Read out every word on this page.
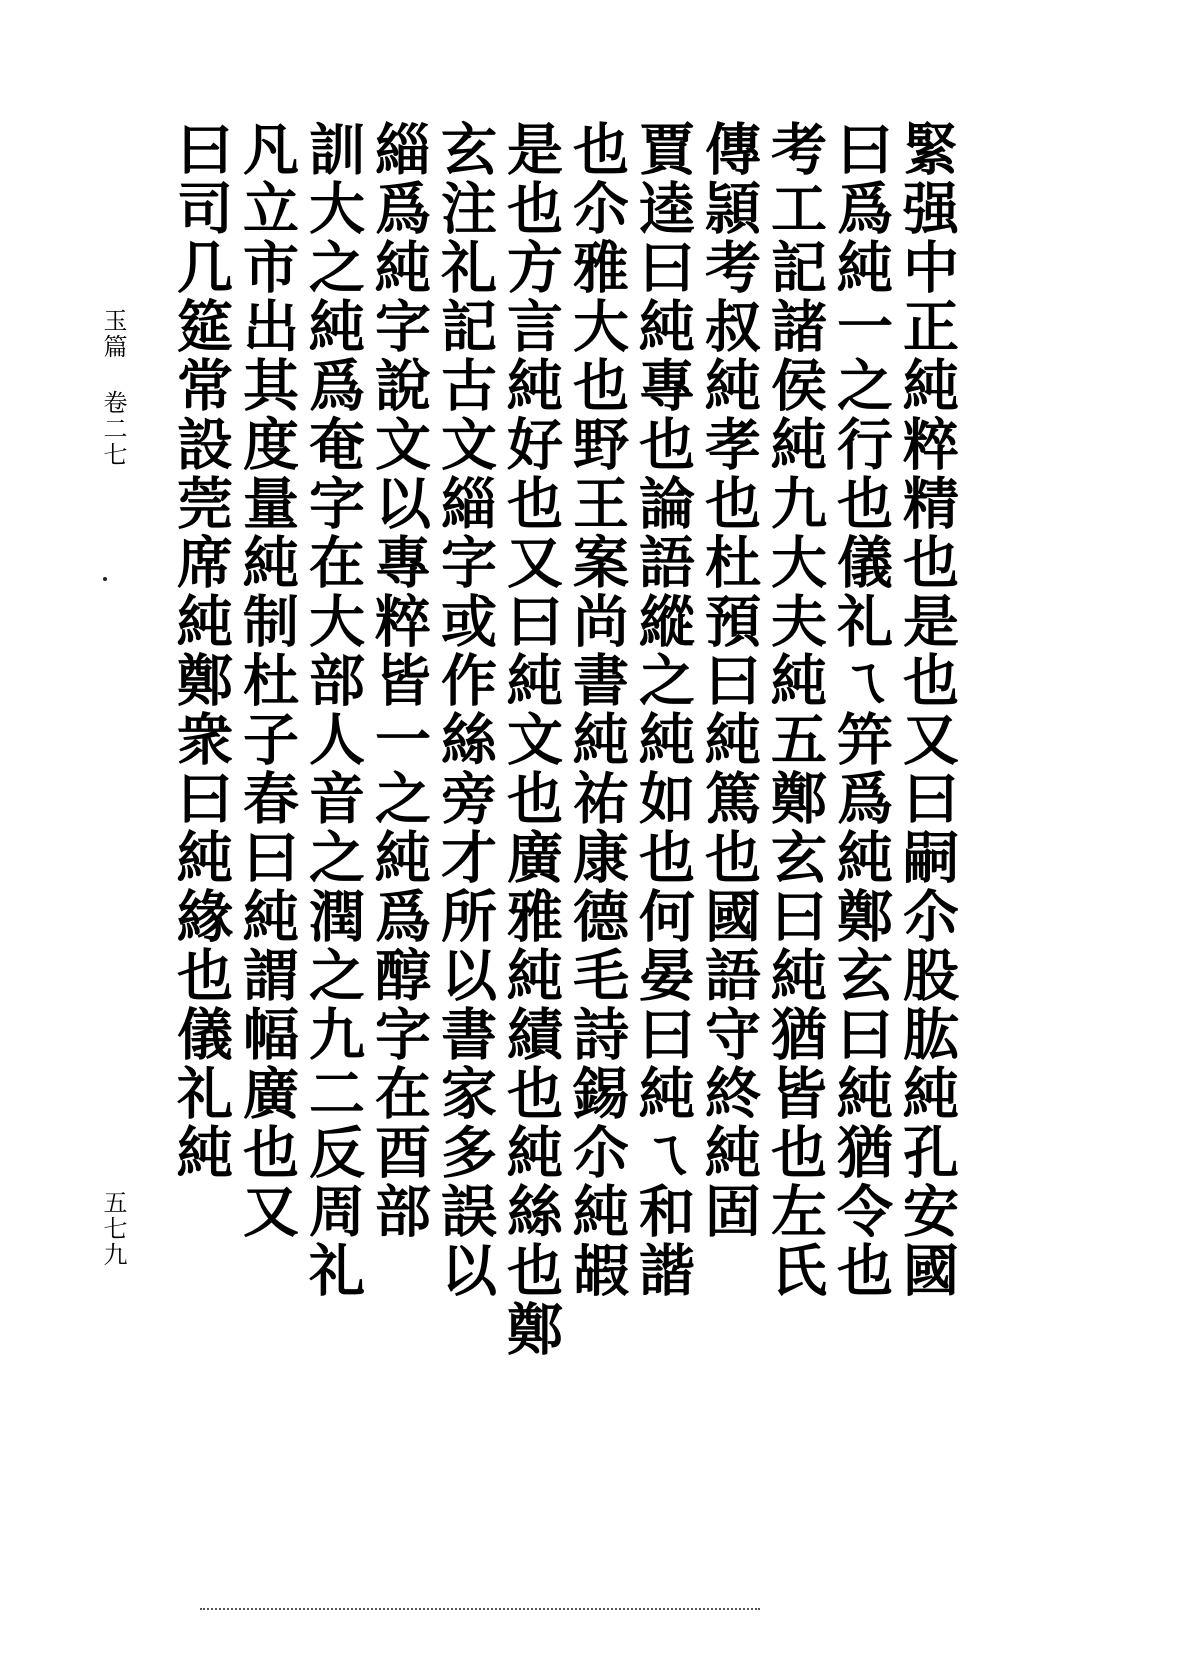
緊强中正純粹精也是也又曰嗣尒股肱純孔安國
曰爲純一之行也儀礼ㄟ笄爲純鄭玄曰純猶令也
考工記諸侯純九大夫純五鄭玄曰純猶皆也左氏
傳頴考叔純孝也杜預曰純篤也國語守終純固
賈逵曰純專也論語縱之純如也何晏曰純ㄟ和諧
也尒雅大也野王案尚書純祐康德毛詩錫尒純嘏
是也方言純好也又曰純文也廣雅純績也純絲也鄭
玄注礼記古文緇字或作絲旁才所以書家多誤以
緇爲純字說文以專粹皆一之純爲醇字在酉部
訓大之純爲奄字在大部人音之潤之九二反周礼
凡立市出其度量純制杜子春曰純謂幅廣也又
曰司几筵常設莞席純鄭衆曰純緣也儀礼純
玉篇卷二七
五七九
